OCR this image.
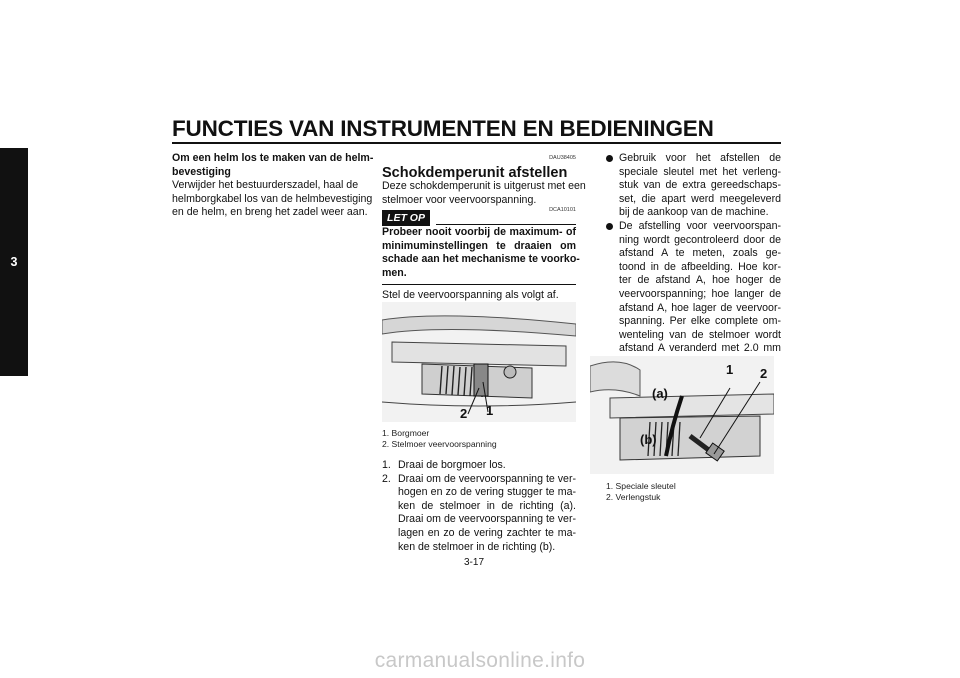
FUNCTIES VAN INSTRUMENTEN EN BEDIENINGEN
3
Om een helm los te maken van de helm-
bevestiging
Verwijder het bestuurderszadel, haal de
helmborgkabel los van de helmbevestiging
en de helm, en breng het zadel weer aan.
DAU38405
Schokdemperunit afstellen
Deze schokdemperunit is uitgerust met een
stelmoer voor veervoorspanning.
LET OP
DCA10101
Probeer nooit voorbij de maximum- of
minimuminstellingen te draaien om
schade aan het mechanisme te voorko-
men.
Stel de veervoorspanning als volgt af.
2 1
1. Borgmoer
2. Stelmoer veervoorspanning
1. Draai de borgmoer los.
2. Draai om de veervoorspanning te ver-
hogen en zo de vering stugger te ma-
ken de stelmoer in de richting (a).
Draai om de veervoorspanning te ver-
lagen en zo de vering zachter te ma-
ken de stelmoer in de richting (b).
Gebruik voor het afstellen de
speciale sleutel met het verleng-
stuk van de extra gereedschaps-
set, die apart werd meegeleverd
bij de aankoop van de machine.
De afstelling voor veervoorspan-
ning wordt gecontroleerd door de
afstand A te meten, zoals ge-
toond in de afbeelding. Hoe kor-
ter de afstand A, hoe hoger de
veervoorspanning; hoe langer de
afstand A, hoe lager de veervoor-
spanning. Per elke complete om-
wenteling van de stelmoer wordt
afstand A veranderd met 2.0 mm
1 2
(a)
(b)
1. Speciale sleutel
2. Verlengstuk
3-17
carmanualsonline.info
